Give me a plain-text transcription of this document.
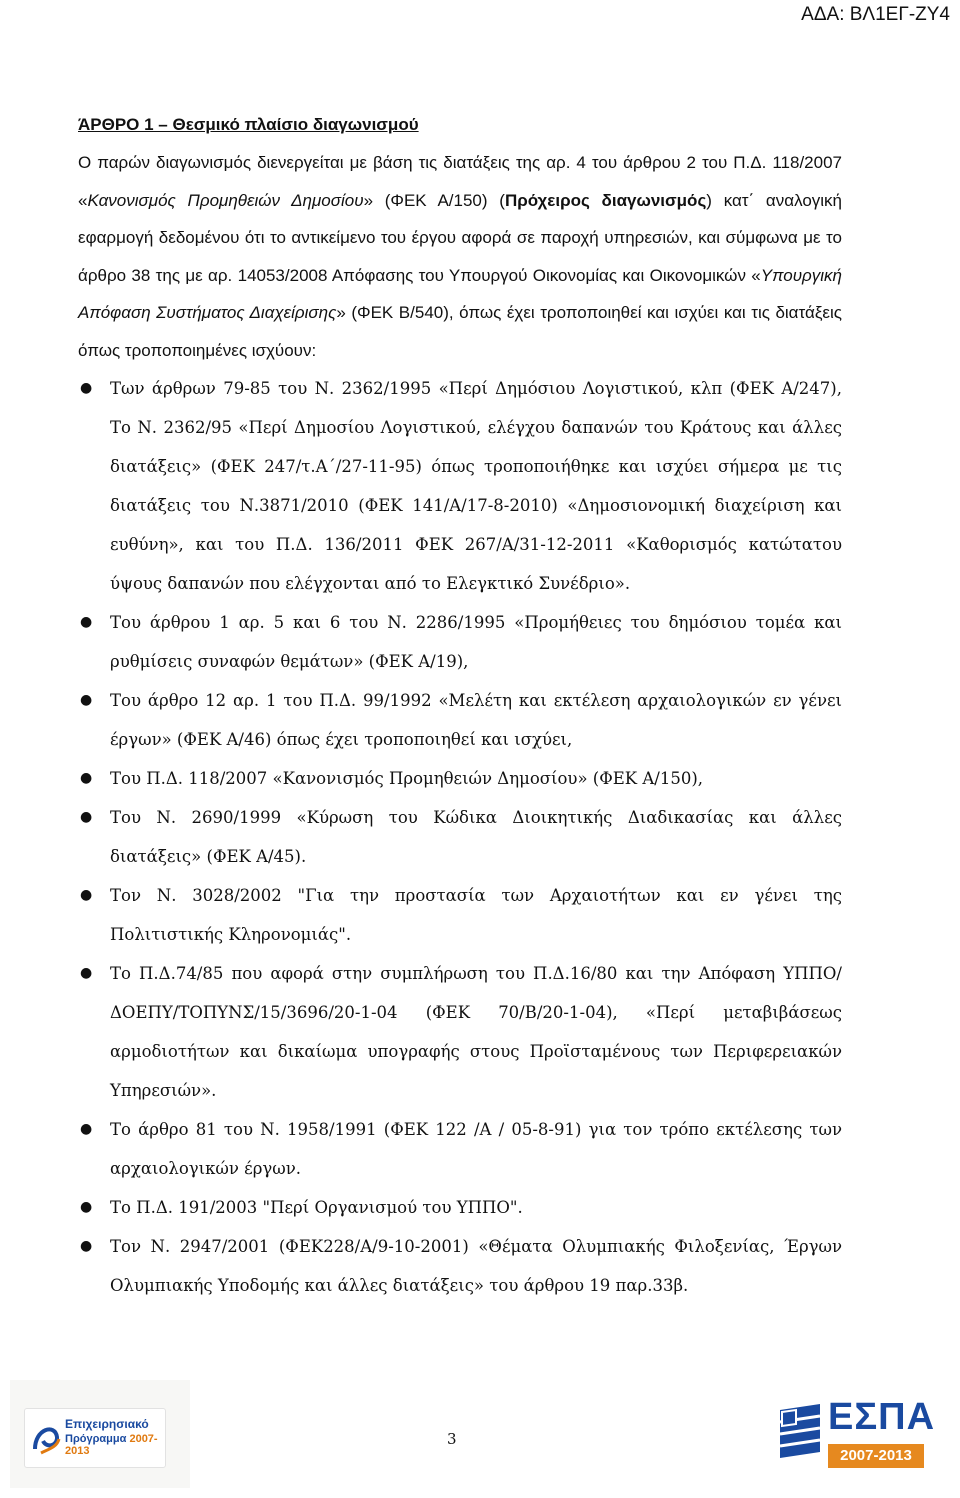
ΑΔΑ: ΒΛ1ΕΓ-ΖΥ4
ΆΡΘΡΟ 1 – Θεσμικό πλαίσιο διαγωνισμού

Ο παρών διαγωνισμός διενεργείται με βάση τις διατάξεις της αρ. 4 του άρθρου 2 του Π.Δ. 118/2007 «Κανονισμός Προμηθειών Δημοσίου» (ΦΕΚ Α/150) (Πρόχειρος διαγωνισμός) κατ΄ αναλογική εφαρμογή δεδομένου ότι το αντικείμενο του έργου αφορά σε παροχή υπηρεσιών, και σύμφωνα με το άρθρο 38 της με αρ. 14053/2008 Απόφασης του Υπουργού Οικονομίας και Οικονομικών «Υπουργική Απόφαση Συστήματος Διαχείρισης» (ΦΕΚ Β/540), όπως έχει τροποποιηθεί και ισχύει και τις διατάξεις όπως τροποποιημένες ισχύουν:

● Των άρθρων 79-85 του Ν. 2362/1995 «Περί Δημόσιου Λογιστικού, κλπ (ΦΕΚ Α/247), Το Ν. 2362/95 «Περί Δημοσίου Λογιστικού, ελέγχου δαπανών του Κράτους και άλλες διατάξεις» (ΦΕΚ 247/τ.Α΄/27-11-95) όπως τροποποιήθηκε και ισχύει σήμερα με τις διατάξεις του Ν.3871/2010 (ΦΕΚ 141/Α/17-8-2010) «Δημοσιονομική διαχείριση και ευθύνη», και του Π.Δ. 136/2011 ΦΕΚ 267/Α/31-12-2011 «Καθορισμός κατώτατου ύψους δαπανών που ελέγχονται από το Ελεγκτικό Συνέδριο».
● Του άρθρου 1 αρ. 5 και 6 του Ν. 2286/1995 «Προμήθειες του δημόσιου τομέα και ρυθμίσεις συναφών θεμάτων» (ΦΕΚ Α/19),
● Του άρθρο 12 αρ. 1 του Π.Δ. 99/1992 «Μελέτη και εκτέλεση αρχαιολογικών εν γένει έργων» (ΦΕΚ Α/46) όπως έχει τροποποιηθεί και ισχύει,
● Του Π.Δ. 118/2007 «Κανονισμός Προμηθειών Δημοσίου» (ΦΕΚ Α/150),
● Του Ν. 2690/1999 «Κύρωση του Κώδικα Διοικητικής Διαδικασίας και άλλες διατάξεις» (ΦΕΚ Α/45).
● Τον Ν. 3028/2002 "Για την προστασία των Αρχαιοτήτων και εν γένει της Πολιτιστικής Κληρονομιάς".
● Το Π.Δ.74/85 που αφορά στην συμπλήρωση του Π.Δ.16/80 και την Απόφαση ΥΠΠΟ/ΔΟΕΠΥ/ΤΟΠΥΝΣ/15/3696/20-1-04 (ΦΕΚ 70/Β/20-1-04), «Περί μεταβιβάσεως αρμοδιοτήτων και δικαίωμα υπογραφής στους Προϊσταμένους των Περιφερειακών Υπηρεσιών».
● Το άρθρο 81 του Ν. 1958/1991 (ΦΕΚ 122 /Α / 05-8-91) για τον τρόπο εκτέλεσης των αρχαιολογικών έργων.
● Το Π.Δ. 191/2003 "Περί Οργανισμού του ΥΠΠΟ".
● Τον Ν. 2947/2001 (ΦΕΚ228/Α/9-10-2001) «Θέματα Ολυμπιακής Φιλοξενίας, Έργων Ολυμπιακής Υποδομής και άλλες διατάξεις» του άρθρου 19 παρ.33β.
Επιχειρησιακό
Πρόγραμμα 2007-2013
3
ΕΣΠΑ
2007-2013
